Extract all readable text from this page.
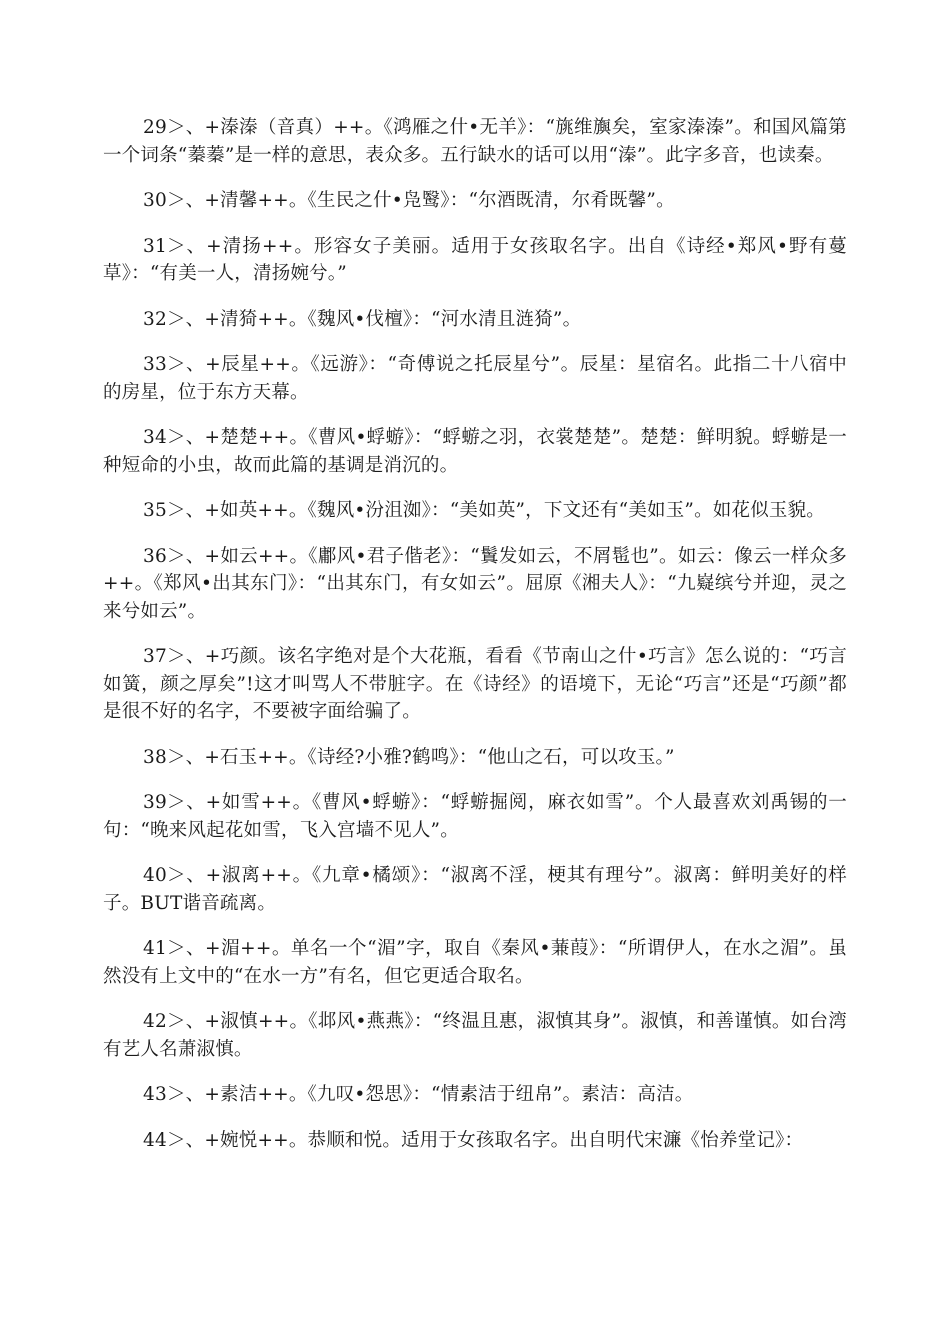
29＞、+溱溱（音真）++。《鸿雁之什•无羊》：“旐维旟矣，室家溱溱”。和国风篇第一个词条“蓁蓁”是一样的意思，表众多。五行缺水的话可以用“溱”。此字多音，也读秦。

30＞、+清馨++。《生民之什•凫鹥》：“尔酒既清，尔肴既馨”。

31＞、+清扬++。形容女子美丽。适用于女孩取名字。出自《诗经•郑风•野有蔓草》：“有美一人，清扬婉兮。”

32＞、+清猗++。《魏风•伐檀》：“河水清且涟猗”。

33＞、+辰星++。《远游》：“奇傅说之托辰星兮”。辰星：星宿名。此指二十八宿中的房星，位于东方天幕。

34＞、+楚楚++。《曹风•蜉蝣》：“蜉蝣之羽，衣裳楚楚”。楚楚：鲜明貌。蜉蝣是一种短命的小虫，故而此篇的基调是消沉的。

35＞、+如英++。《魏风•汾沮洳》：“美如英”，下文还有“美如玉”。如花似玉貌。

36＞、+如云++。《鄘风•君子偕老》：“鬒发如云，不屑髢也”。如云：像云一样众多++。《郑风•出其东门》：“出其东门，有女如云”。屈原《湘夫人》：“九嶷缤兮并迎，灵之来兮如云”。

37＞、+巧颜。该名字绝对是个大花瓶，看看《节南山之什•巧言》怎么说的：“巧言如簧，颜之厚矣”!这才叫骂人不带脏字。在《诗经》的语境下，无论“巧言”还是“巧颜”都是很不好的名字，不要被字面给骗了。

38＞、+石玉++。《诗经?小雅?鹤鸣》：“他山之石，可以攻玉。”

39＞、+如雪++。《曹风•蜉蝣》：“蜉蝣掘阅，麻衣如雪”。个人最喜欢刘禹锡的一句：“晚来风起花如雪，飞入宫墙不见人”。

40＞、+淑离++。《九章•橘颂》：“淑离不淫，梗其有理兮”。淑离：鲜明美好的样子。BUT谐音疏离。

41＞、+湄++。单名一个“湄”字，取自《秦风•蒹葭》：“所谓伊人，在水之湄”。虽然没有上文中的“在水一方”有名，但它更适合取名。

42＞、+淑慎++。《邶风•燕燕》：“终温且惠，淑慎其身”。淑慎，和善谨慎。如台湾有艺人名萧淑慎。

43＞、+素洁++。《九叹•怨思》：“情素洁于纽帛”。素洁：高洁。

44＞、+婉悦++。恭顺和悦。适用于女孩取名字。出自明代宋濂《怡养堂记》：
